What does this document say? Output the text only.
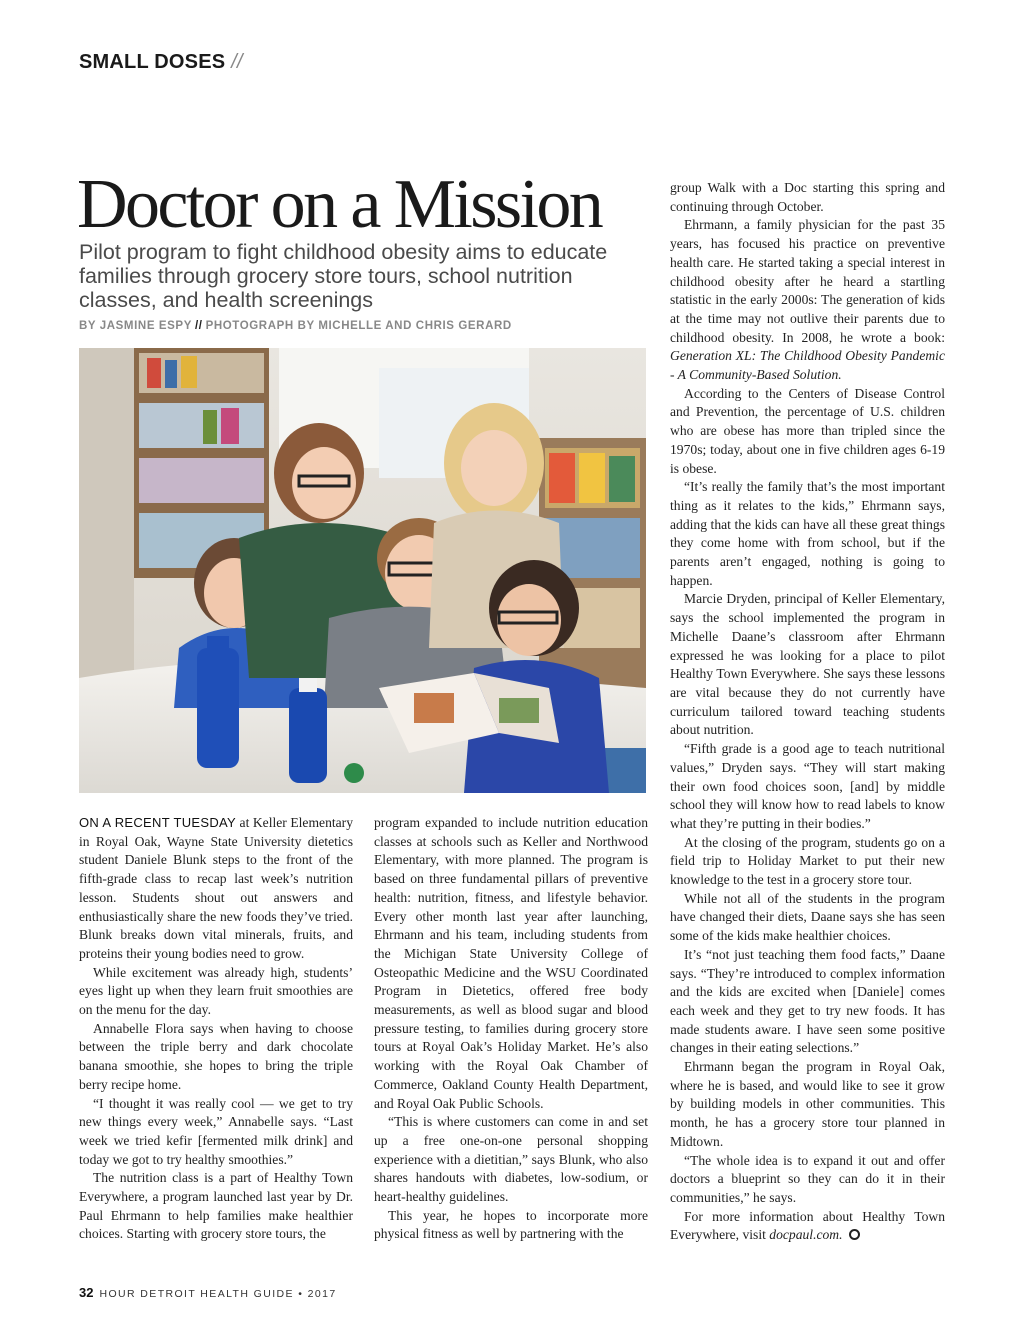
SMALL DOSES //
Doctor on a Mission
Pilot program to fight childhood obesity aims to educate families through grocery store tours, school nutrition classes, and health screenings
BY JASMINE ESPY // PHOTOGRAPH BY MICHELLE AND CHRIS GERARD

ON A RECENT TUESDAY at Keller Elementary in Royal Oak, Wayne State University dietetics student Daniele Blunk steps to the front of the fifth-grade class to recap last week’s nutrition lesson. Students shout out answers and enthusiastically share the new foods they’ve tried. Blunk breaks down vital minerals, fruits, and proteins their young bodies need to grow.

While excitement was already high, students’ eyes light up when they learn fruit smoothies are on the menu for the day.

Annabelle Flora says when having to choose between the triple berry and dark chocolate banana smoothie, she hopes to bring the triple berry recipe home.

“I thought it was really cool — we get to try new things every week,” Annabelle says. “Last week we tried kefir [fermented milk drink] and today we got to try healthy smoothies.”

The nutrition class is a part of Healthy Town Everywhere, a program launched last year by Dr. Paul Ehrmann to help families make healthier choices. Starting with grocery store tours, the

program expanded to include nutrition education classes at schools such as Keller and Northwood Elementary, with more planned. The program is based on three fundamental pillars of preventive health: nutrition, fitness, and lifestyle behavior. Every other month last year after launching, Ehrmann and his team, including students from the Michigan State University College of Osteopathic Medicine and the WSU Coordinated Program in Dietetics, offered free body measurements, as well as blood sugar and blood pressure testing, to families during grocery store tours at Royal Oak’s Holiday Market. He’s also working with the Royal Oak Chamber of Commerce, Oakland County Health Department, and Royal Oak Public Schools.

“This is where customers can come in and set up a free one-on-one personal shopping experience with a dietitian,” says Blunk, who also shares handouts with diabetes, low-sodium, or heart-healthy guidelines.

This year, he hopes to incorporate more physical fitness as well by partnering with the

group Walk with a Doc starting this spring and continuing through October.

Ehrmann, a family physician for the past 35 years, has focused his practice on preventive health care. He started taking a special interest in childhood obesity after he heard a startling statistic in the early 2000s: The generation of kids at the time may not outlive their parents due to childhood obesity. In 2008, he wrote a book: Generation XL: The Childhood Obesity Pandemic - A Community-Based Solution.

According to the Centers of Disease Control and Prevention, the percentage of U.S. children who are obese has more than tripled since the 1970s; today, about one in five children ages 6-19 is obese.

“It’s really the family that’s the most important thing as it relates to the kids,” Ehrmann says, adding that the kids can have all these great things they come home with from school, but if the parents aren’t engaged, nothing is going to happen.

Marcie Dryden, principal of Keller Elementary, says the school implemented the program in Michelle Daane’s classroom after Ehrmann expressed he was looking for a place to pilot Healthy Town Everywhere. She says these lessons are vital because they do not currently have curriculum tailored toward teaching students about nutrition.

“Fifth grade is a good age to teach nutritional values,” Dryden says. “They will start making their own food choices soon, [and] by middle school they will know how to read labels to know what they’re putting in their bodies.”

At the closing of the program, students go on a field trip to Holiday Market to put their new knowledge to the test in a grocery store tour.

While not all of the students in the program have changed their diets, Daane says she has seen some of the kids make healthier choices.

It’s “not just teaching them food facts,” Daane says. “They’re introduced to complex information and the kids are excited when [Daniele] comes each week and they get to try new foods. It has made students aware. I have seen some positive changes in their eating selections.”

Ehrmann began the program in Royal Oak, where he is based, and would like to see it grow by building models in other communities. This month, he has a grocery store tour planned in Midtown.

“The whole idea is to expand it out and offer doctors a blueprint so they can do it in their communities,” he says.

For more information about Healthy Town Everywhere, visit docpaul.com.

32 HOUR DETROIT HEALTH GUIDE • 2017
